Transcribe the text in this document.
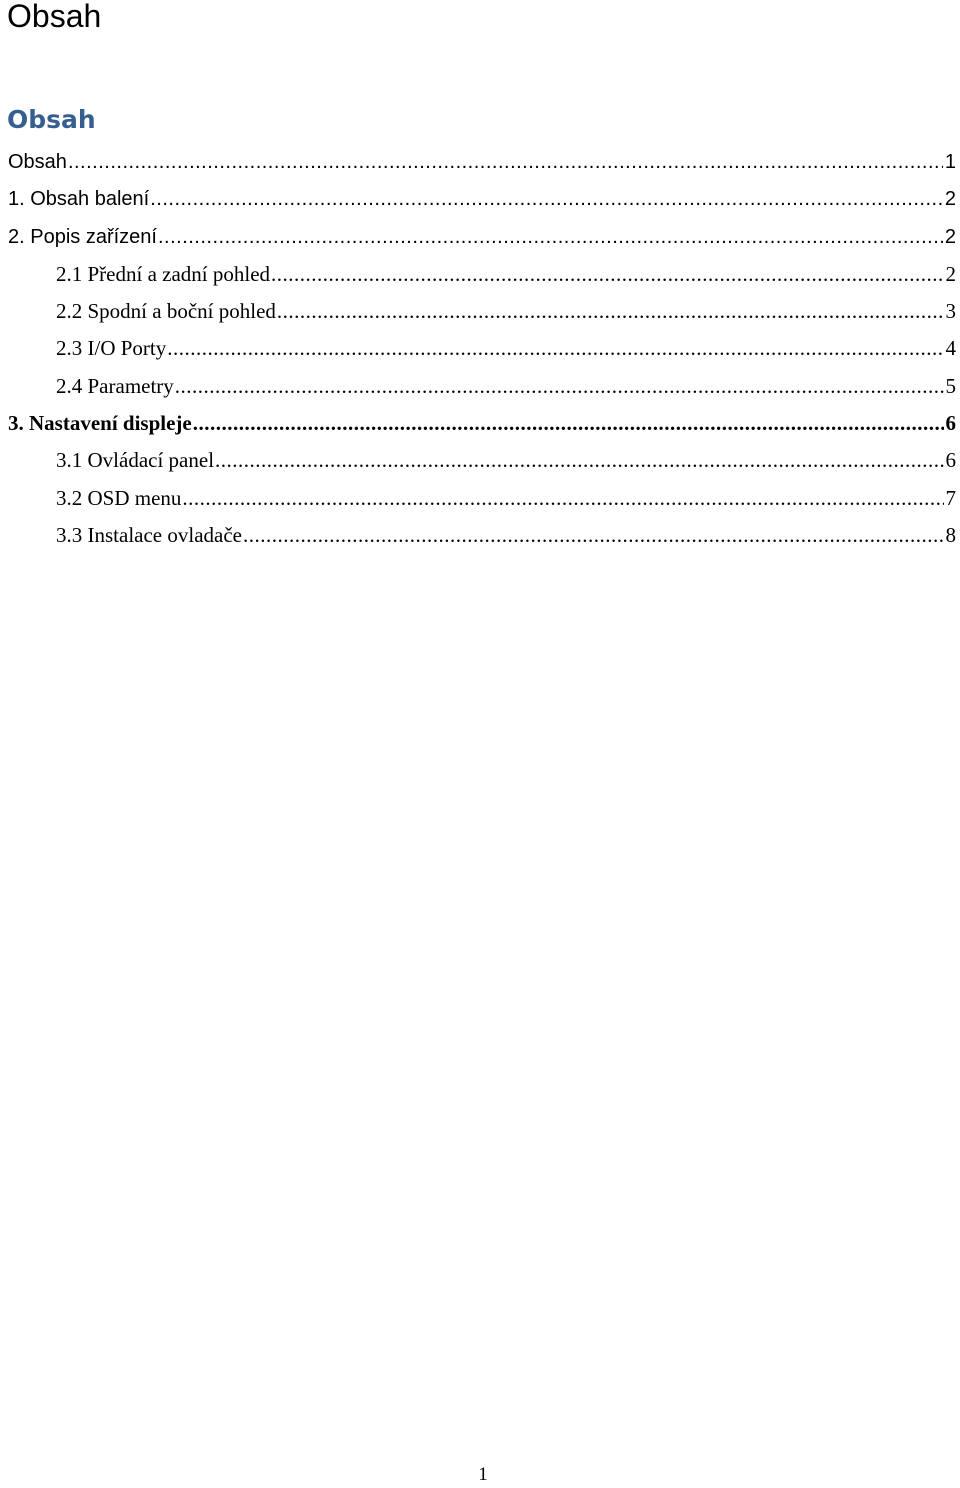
Obsah
Obsah
Obsah .....	1
1. Obsah balení .....	2
2. Popis zařízení .....	2
2.1 Přední a zadní pohled .....	2
2.2 Spodní a boční pohled .....	3
2.3 I/O Porty .....	4
2.4 Parametry .....	5
3. Nastavení displeje .....	6
3.1 Ovládací panel .....	6
3.2 OSD menu .....	7
3.3 Instalace ovladače .....	8
1
